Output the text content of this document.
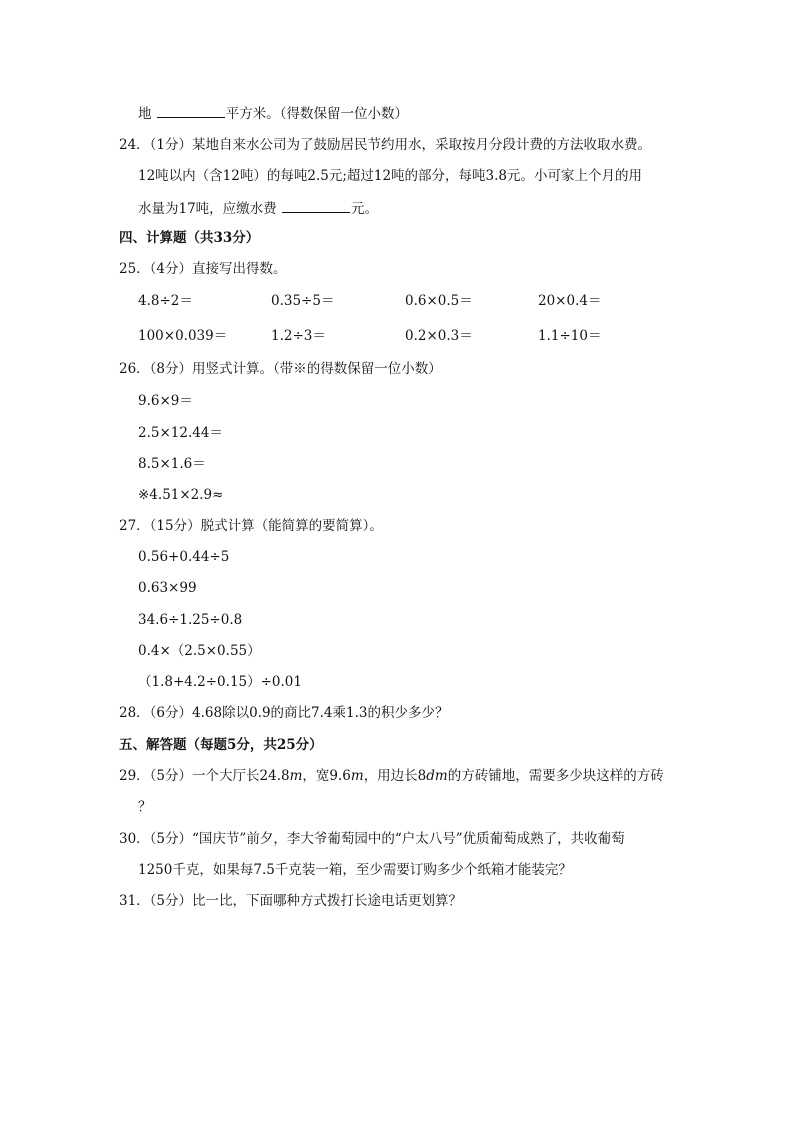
地	平方米。（得数保留一位小数）
24．（1分）某地自来水公司为了鼓励居民节约用水，采取按月分段计费的方法收取水费。
12吨以内（含12吨）的每吨2.5元;超过12吨的部分，每吨3.8元。小可家上个月的用
水量为17吨，应缴水费	元。
四、计算题（共33分）
25．（4分）直接写出得数。
4.8÷2＝	0.35÷5＝	0.6×0.5＝	20×0.4＝
100×0.039＝	1.2÷3＝	0.2×0.3＝	1.1÷10＝
26．（8分）用竖式计算。（带※的得数保留一位小数）
9.6×9＝
2.5×12.44＝
8.5×1.6＝
※4.51×2.9≈
27．（15分）脱式计算（能简算的要简算）。
0.56+0.44÷5
0.63×99
34.6÷1.25÷0.8
0.4×（2.5×0.55）
（1.8+4.2÷0.15）÷0.01
28．（6分）4.68除以0.9的商比7.4乘1.3的积少多少？
五、解答题（每题5分，共25分）
29．（5分）一个大厅长24.8m，宽9.6m，用边长8dm的方砖铺地，需要多少块这样的方砖
？
30．（5分）“国庆节”前夕，李大爷葡萄园中的“户太八号”优质葡萄成熟了，共收葡萄
1250千克，如果每7.5千克装一箱，至少需要订购多少个纸箱才能装完？
31．（5分）比一比，下面哪种方式拨打长途电话更划算？
